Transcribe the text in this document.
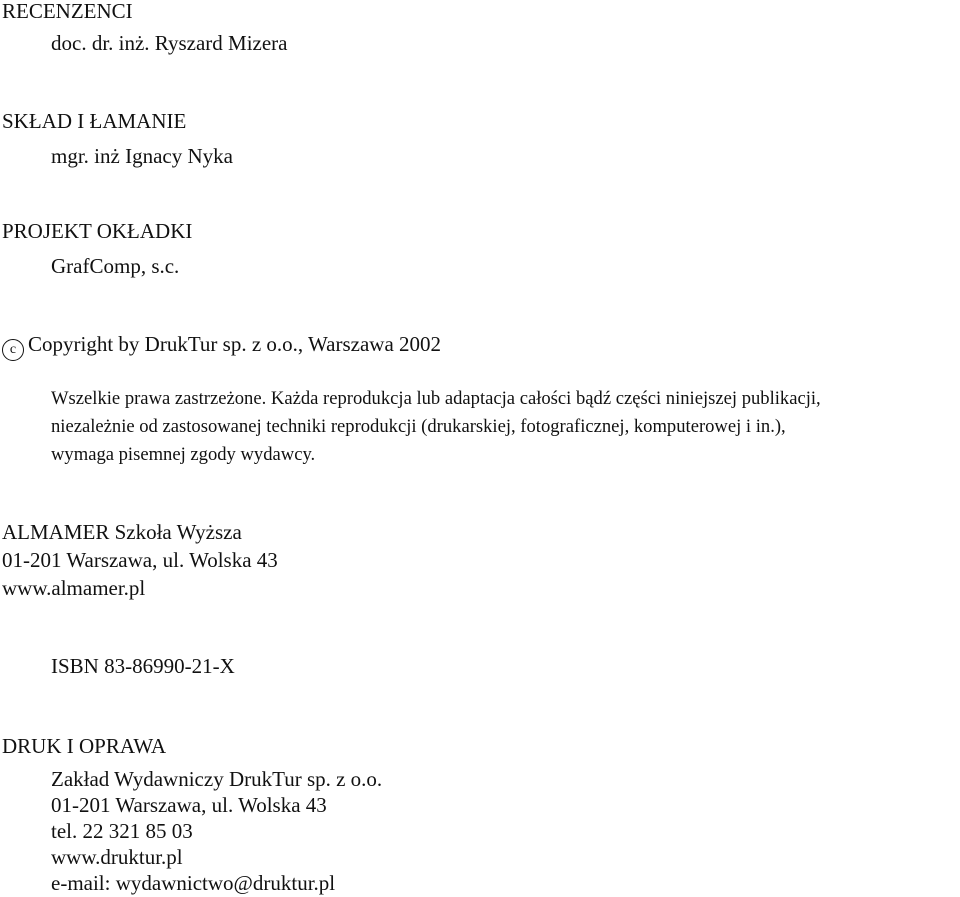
RECENZENCI
doc. dr. inż. Ryszard Mizera
SKŁAD I ŁAMANIE
mgr. inż Ignacy Nyka
PROJEKT OKŁADKI
GrafComp, s.c.
c Copyright by DrukTur sp. z o.o., Warszawa 2002
Wszelkie prawa zastrzeżone. Każda reprodukcja lub adaptacja całości bądź części niniejszej publikacji,
niezależnie od zastosowanej techniki reprodukcji (drukarskiej, fotograficznej, komputerowej i in.),
wymaga pisemnej zgody wydawcy.
ALMAMER Szkoła Wyższa
01-201 Warszawa, ul. Wolska 43
www.almamer.pl
ISBN 83-86990-21-X
DRUK I OPRAWA
Zakład Wydawniczy DrukTur sp. z o.o.
01-201 Warszawa, ul. Wolska 43
tel. 22 321 85 03
www.druktur.pl
e-mail: wydawnictwo@druktur.pl
